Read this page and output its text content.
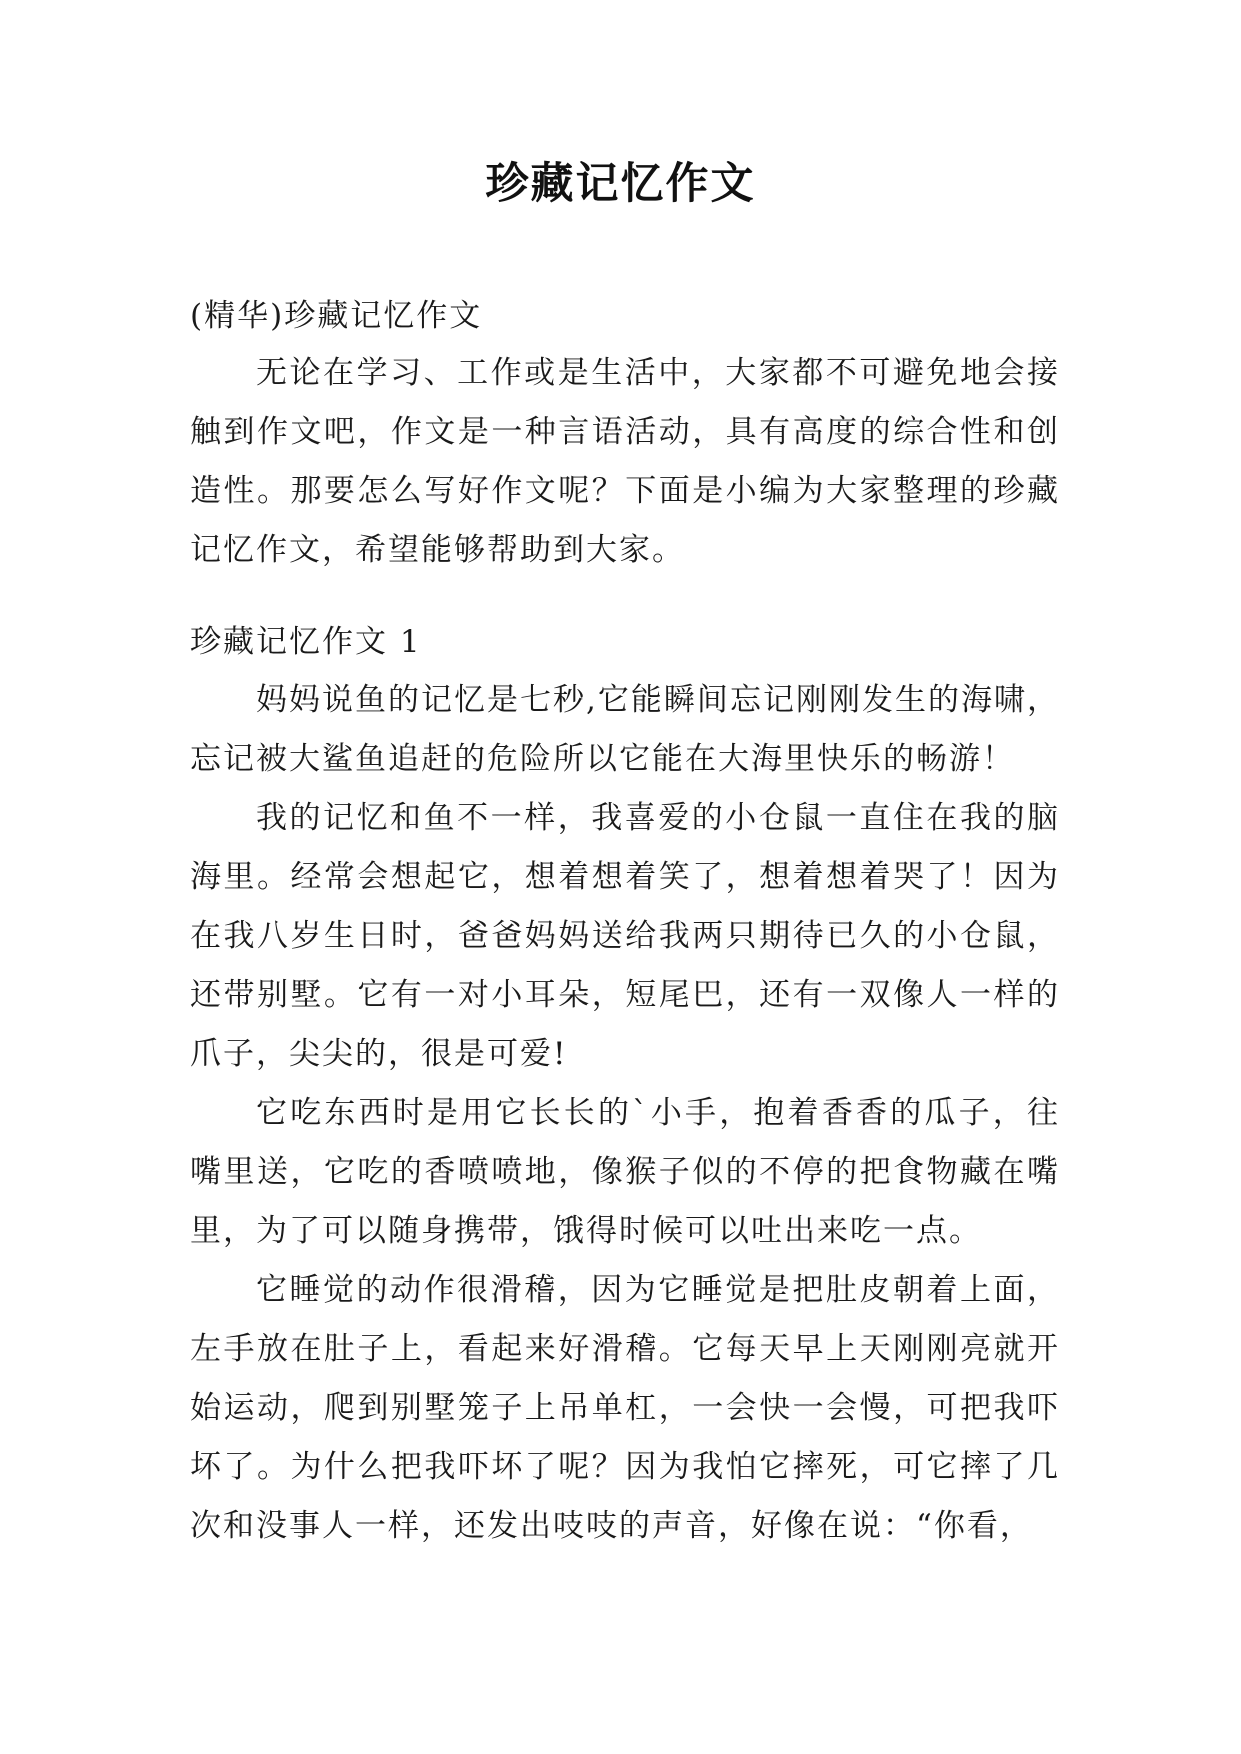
珍藏记忆作文
(精华)珍藏记忆作文

无论在学习、工作或是生活中，大家都不可避免地会接触到作文吧，作文是一种言语活动，具有高度的综合性和创造性。那要怎么写好作文呢？下面是小编为大家整理的珍藏记忆作文，希望能够帮助到大家。

珍藏记忆作文 1

妈妈说鱼的记忆是七秒,它能瞬间忘记刚刚发生的海啸，忘记被大鲨鱼追赶的危险所以它能在大海里快乐的畅游！

我的记忆和鱼不一样，我喜爱的小仓鼠一直住在我的脑海里。经常会想起它，想着想着笑了，想着想着哭了！因为在我八岁生日时，爸爸妈妈送给我两只期待已久的小仓鼠，还带别墅。它有一对小耳朵，短尾巴，还有一双像人一样的爪子，尖尖的，很是可爱!

它吃东西时是用它长长的`小手，抱着香香的瓜子，往嘴里送，它吃的香喷喷地，像猴子似的不停的把食物藏在嘴里，为了可以随身携带，饿得时候可以吐出来吃一点。

它睡觉的动作很滑稽，因为它睡觉是把肚皮朝着上面，左手放在肚子上，看起来好滑稽。它每天早上天刚刚亮就开始运动，爬到别墅笼子上吊单杠，一会快一会慢，可把我吓坏了。为什么把我吓坏了呢？因为我怕它摔死，可它摔了几次和没事人一样，还发出吱吱的声音，好像在说：“你看，
